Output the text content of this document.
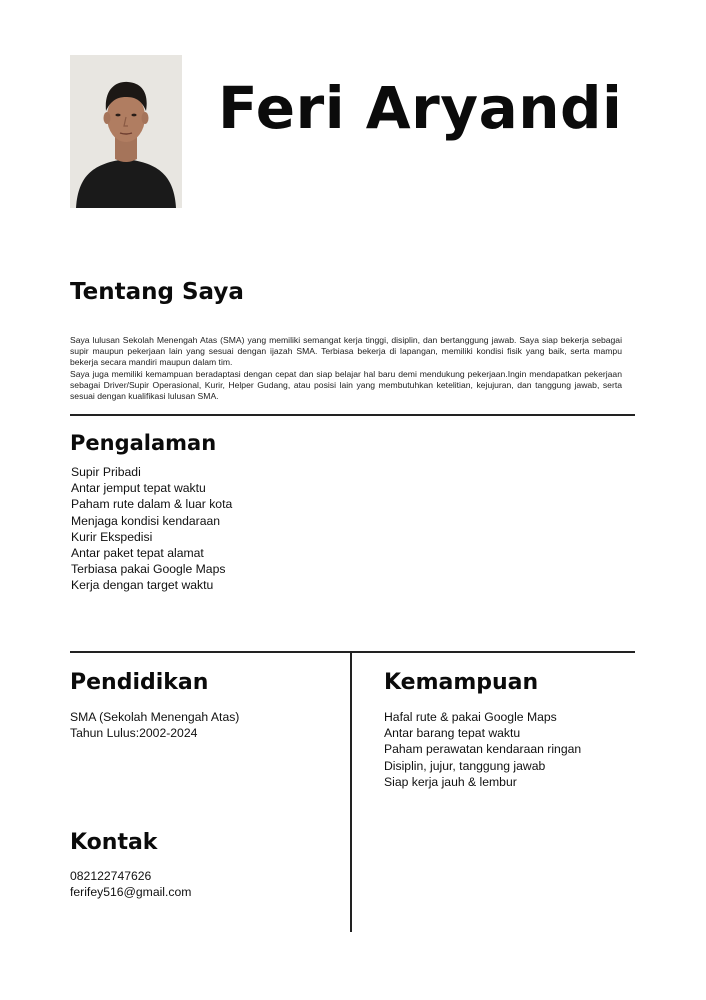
Feri Aryandi
Tentang Saya

Saya lulusan Sekolah Menengah Atas (SMA) yang memiliki semangat kerja tinggi, disiplin, dan bertanggung jawab. Saya siap bekerja sebagai supir maupun pekerjaan lain yang sesuai dengan ijazah SMA. Terbiasa bekerja di lapangan, memiliki kondisi fisik yang baik, serta mampu bekerja secara mandiri maupun dalam tim.

Saya juga memiliki kemampuan beradaptasi dengan cepat dan siap belajar hal baru demi mendukung pekerjaan.Ingin mendapatkan pekerjaan sebagai Driver/Supir Operasional, Kurir, Helper Gudang, atau posisi lain yang membutuhkan ketelitian, kejujuran, dan tanggung jawab, serta sesuai dengan kualifikasi lulusan SMA.

Pengalaman
Supir Pribadi
Antar jemput tepat waktu
Paham rute dalam & luar kota
Menjaga kondisi kendaraan
Kurir Ekspedisi
Antar paket tepat alamat
Terbiasa pakai Google Maps
Kerja dengan target waktu
Pendidikan
SMA (Sekolah Menengah Atas)
Tahun Lulus:2002-2024
Kemampuan
Hafal rute & pakai Google Maps
Antar barang tepat waktu
Paham perawatan kendaraan ringan
Disiplin, jujur, tanggung jawab
Siap kerja jauh & lembur
Kontak
082122747626
ferifey516@gmail.com
